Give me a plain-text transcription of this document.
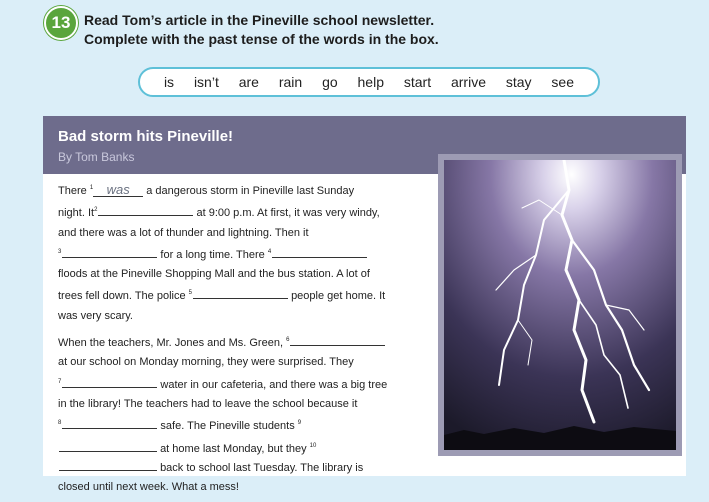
13 Read Tom’s article in the Pineville school newsletter.
Complete with the past tense of the words in the box.
is isn’t are rain go help start arrive stay see
Bad storm hits Pineville!
By Tom Banks

There $^1$ was a dangerous storm in Pineville last Sunday
night. It$^2$	at 9:00 p.m. At first, it was very windy,
and there was a lot of thunder and lightning. Then it
$^3$	for a long time. There $^4$
floods at the Pineville Shopping Mall and the bus station. A lot of
trees fell down. The police $^5$	people get home. It
was very scary.

When the teachers, Mr. Jones and Ms. Green, $^6$
at our school on Monday morning, they were surprised. They
$^7$	water in our cafeteria, and there was a big tree
in the library! The teachers had to leave the school because it
$^8$	safe. The Pineville students $^9$
at home last Monday, but they $^{10}$
back to school last Tuesday. The library is
closed until next week. What a mess!
